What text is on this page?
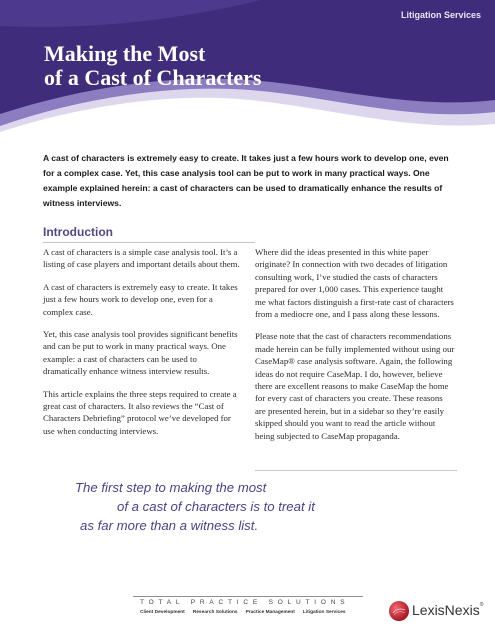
Litigation Services
Making the Most
of a Cast of Characters

A cast of characters is extremely easy to create. It takes just a few hours work to develop one, even for a complex case. Yet, this case analysis tool can be put to work in many practical ways. One example explained herein: a cast of characters can be used to dramatically enhance the results of witness interviews.

Introduction

A cast of characters is a simple case analysis tool. It’s a listing of case players and important details about them.

A cast of characters is extremely easy to create. It takes just a few hours work to develop one, even for a complex case.

Yet, this case analysis tool provides significant benefits and can be put to work in many practical ways. One example: a cast of characters can be used to dramatically enhance witness interview results.

This article explains the three steps required to create a great cast of characters. It also reviews the “Cast of Characters Debriefing” protocol we’ve developed for use when conducting interviews.

Where did the ideas presented in this white paper originate? In connection with two decades of litigation consulting work, I’ve studied the casts of characters prepared for over 1,000 cases. This experience taught me what factors distinguish a first-rate cast of characters from a mediocre one, and I pass along these lessons.

Please note that the cast of characters recommendations made herein can be fully implemented without using our CaseMap® case analysis software. Again, the following ideas do not require CaseMap. I do, however, believe there are excellent reasons to make CaseMap the home for every cast of characters you create. These reasons are presented herein, but in a sidebar so they’re easily skipped should you want to read the article without being subjected to CaseMap propaganda.

The first step to making the most
of a cast of characters is to treat it
as far more than a witness list.
TOTAL PRACTICE SOLUTIONS
Client Development Research Solutions Practice Management Litigation Services	LexisNexis®
